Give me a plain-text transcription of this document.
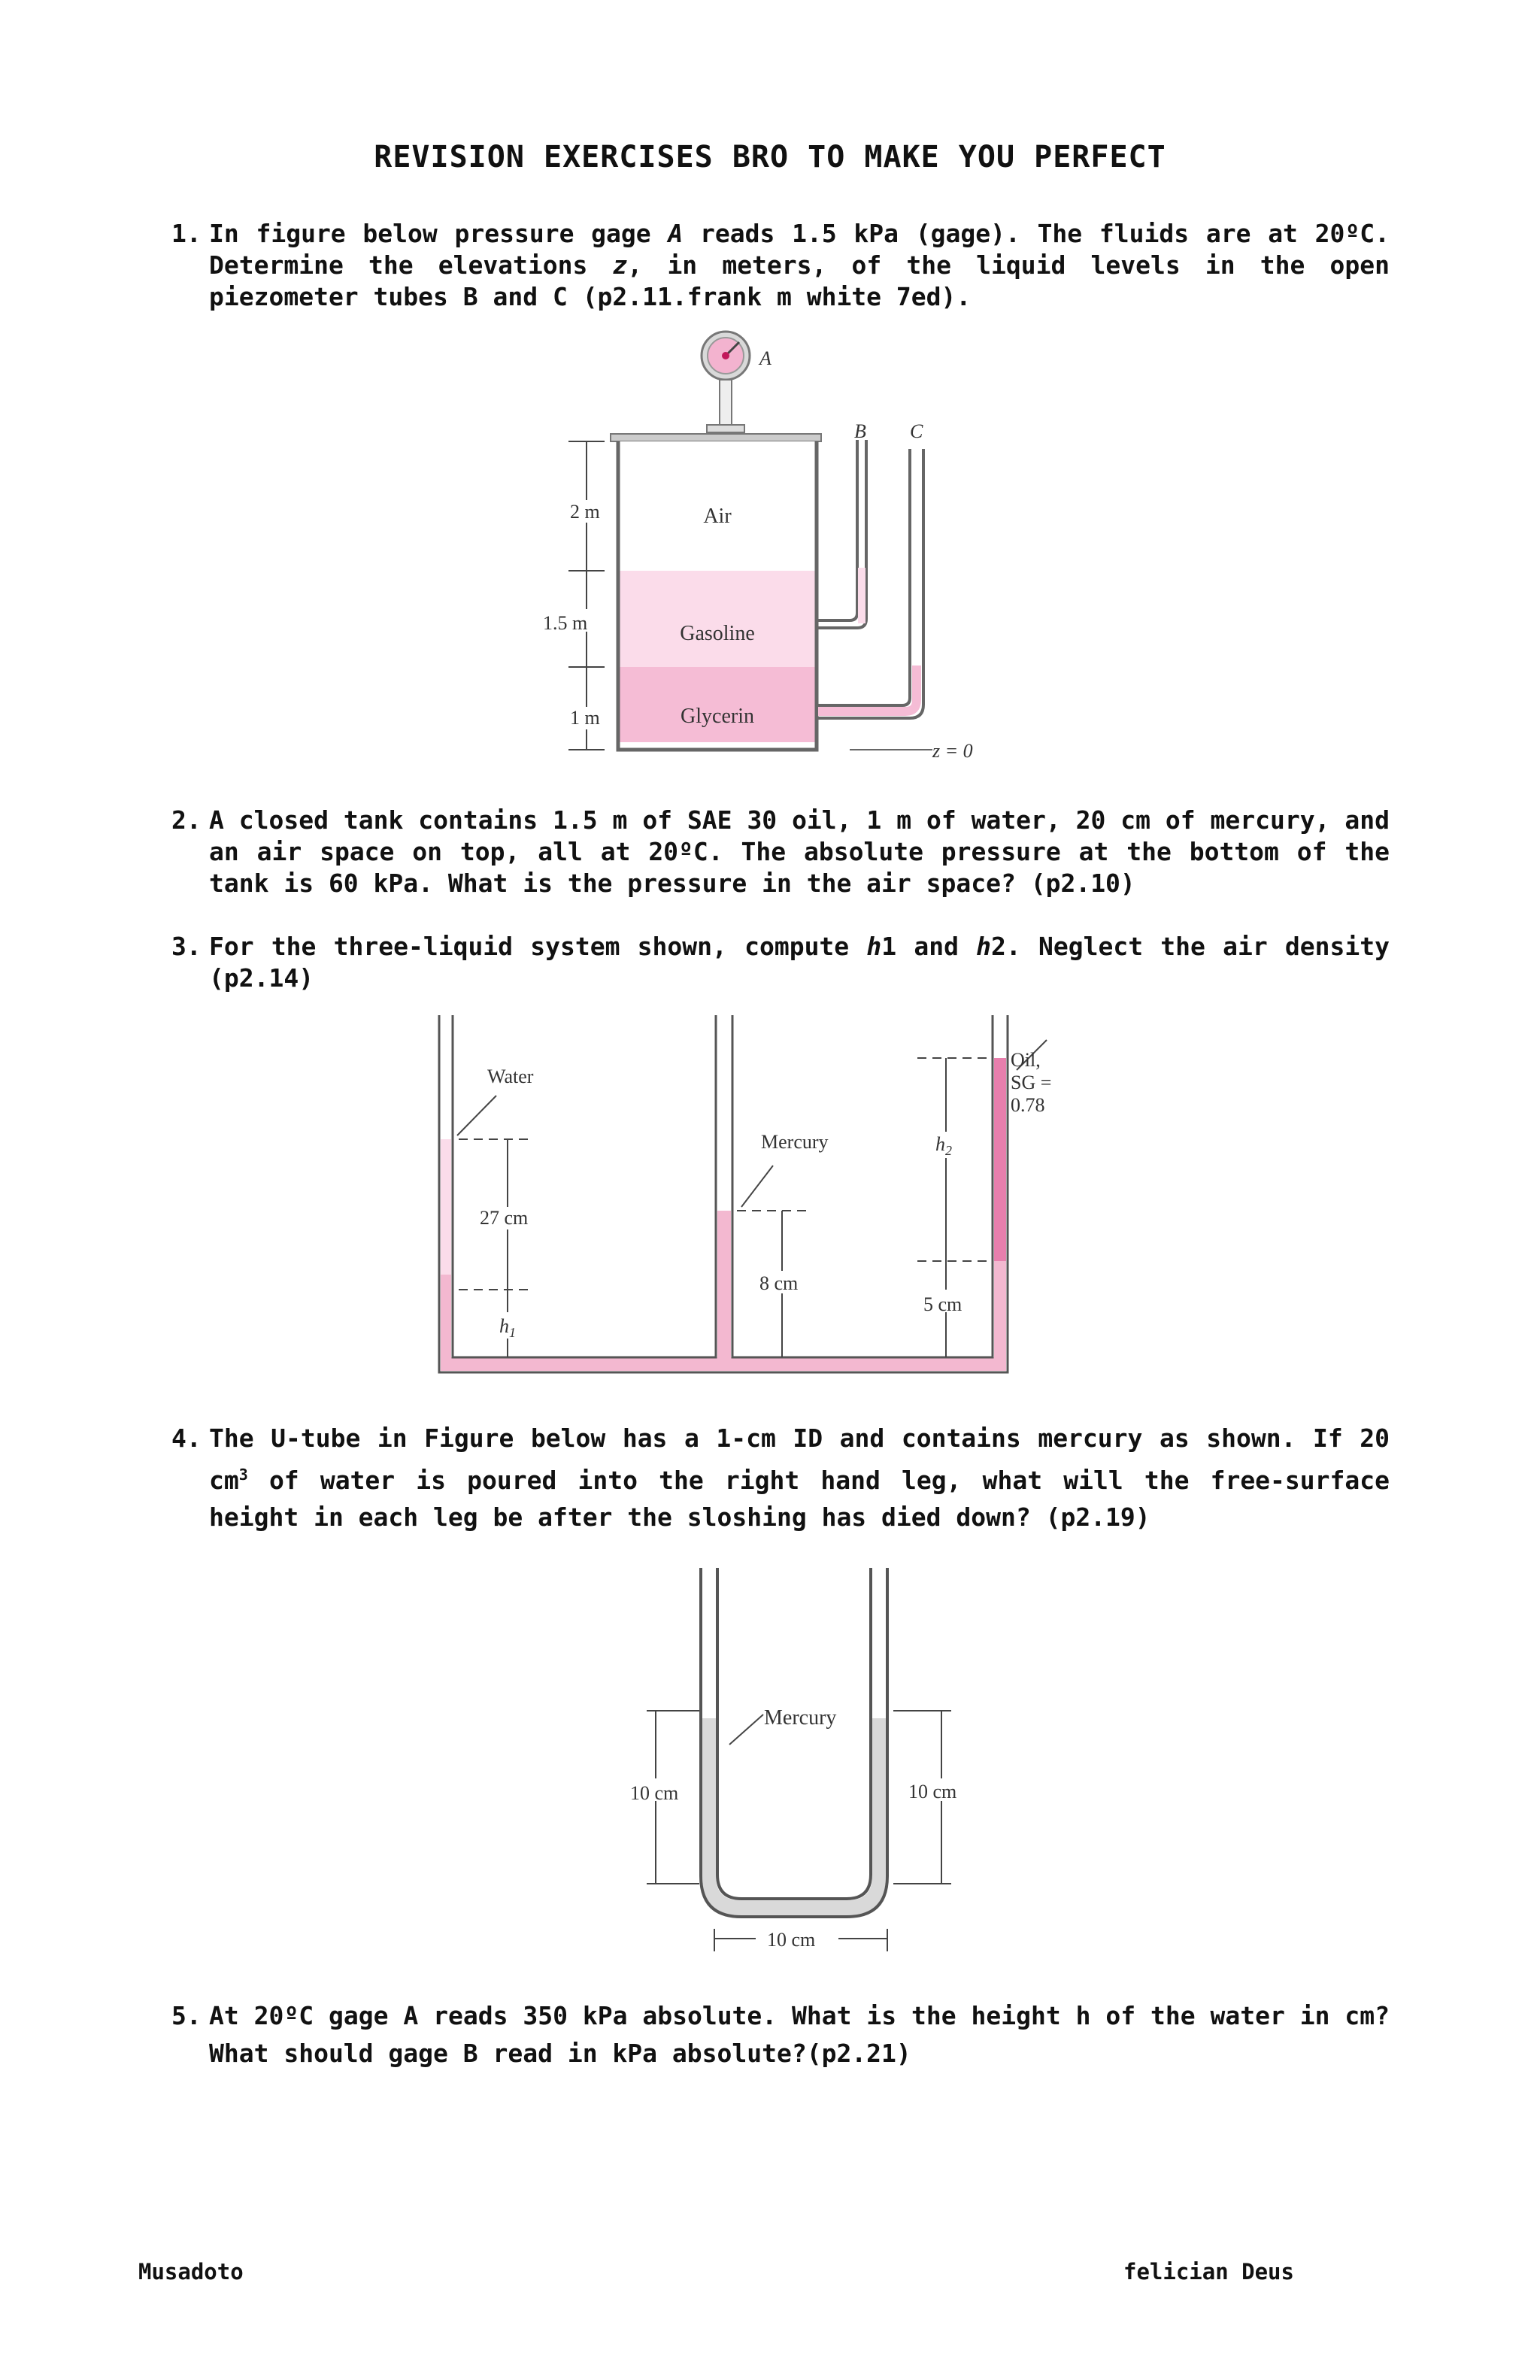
REVISION EXERCISES BRO TO MAKE YOU PERFECT
1. In figure below pressure gage A reads 1.5 kPa (gage). The fluids are at 20ºC. Determine the elevations z, in meters, of the liquid levels in the open piezometer tubes B and C (p2.11.frank m white 7ed).
A
B C
z = 0
Air
Gasoline
Glycerin
2 m
1.5 m
1 m
2. A closed tank contains 1.5 m of SAE 30 oil, 1 m of water, 20 cm of mercury, and an air space on top, all at 20ºC. The absolute pressure at the bottom of the tank is 60 kPa. What is the pressure in the air space? (p2.10)
3. For the three-liquid system shown, compute h1 and h2. Neglect the air density (p2.14)
Water
Mercury
Oil,
SG =
0.78
27 cm
$h_1$
8 cm
$h_2$
5 cm
4. The U-tube in Figure below has a 1-cm ID and contains mercury as shown. If 20 $cm^3$ of water is poured into the right hand leg, what will the free-surface height in each leg be after the sloshing has died down? (p2.19)
Mercury
10 cm	10 cm
10 cm
5. At 20ºC gage A reads 350 kPa absolute. What is the height h of the water in cm? What should gage B read in kPa absolute?(p2.21)
Musadoto	felician Deus
